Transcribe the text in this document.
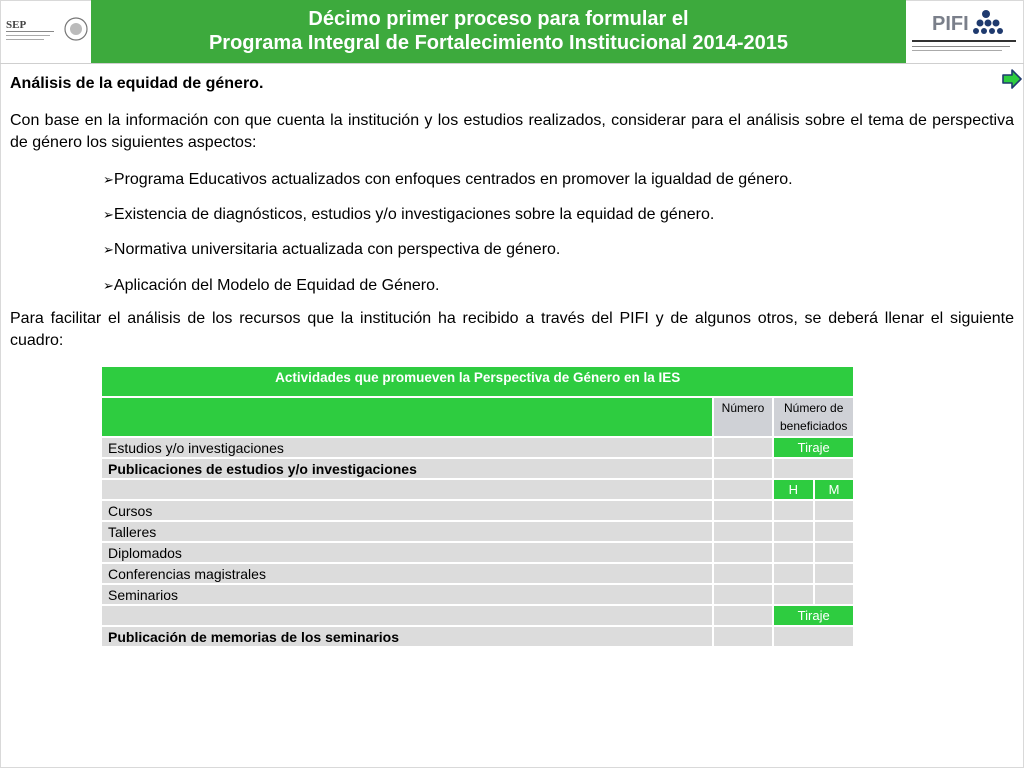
SEP	Décimo primer proceso para formular el
Programa Integral de Fortalecimiento Institucional 2014-2015
PIFI
Análisis de la equidad de género.
Con base en la información con que cuenta la institución y los estudios realizados, considerar para el análisis sobre el tema de perspectiva de género los siguientes aspectos:
➢Programa Educativos actualizados con enfoques centrados en promover la igualdad de género.
➢Existencia de diagnósticos, estudios y/o investigaciones sobre la equidad de género.
➢Normativa universitaria actualizada con perspectiva de género.
➢Aplicación del Modelo de Equidad de Género.
Para facilitar el análisis de los recursos que la institución ha recibido a través del PIFI y de algunos otros, se deberá llenar el siguiente cuadro:
Actividades que promueven la Perspectiva de Género en la IES			
	Número	Número de beneficiados	
Estudios y/o investigaciones		Tiraje	
Publicaciones de estudios y/o investigaciones			
		H	M
Cursos			
Talleres			
Diplomados			
Conferencias magistrales			
Seminarios			
		Tiraje	
Publicación de memorias de los seminarios			
